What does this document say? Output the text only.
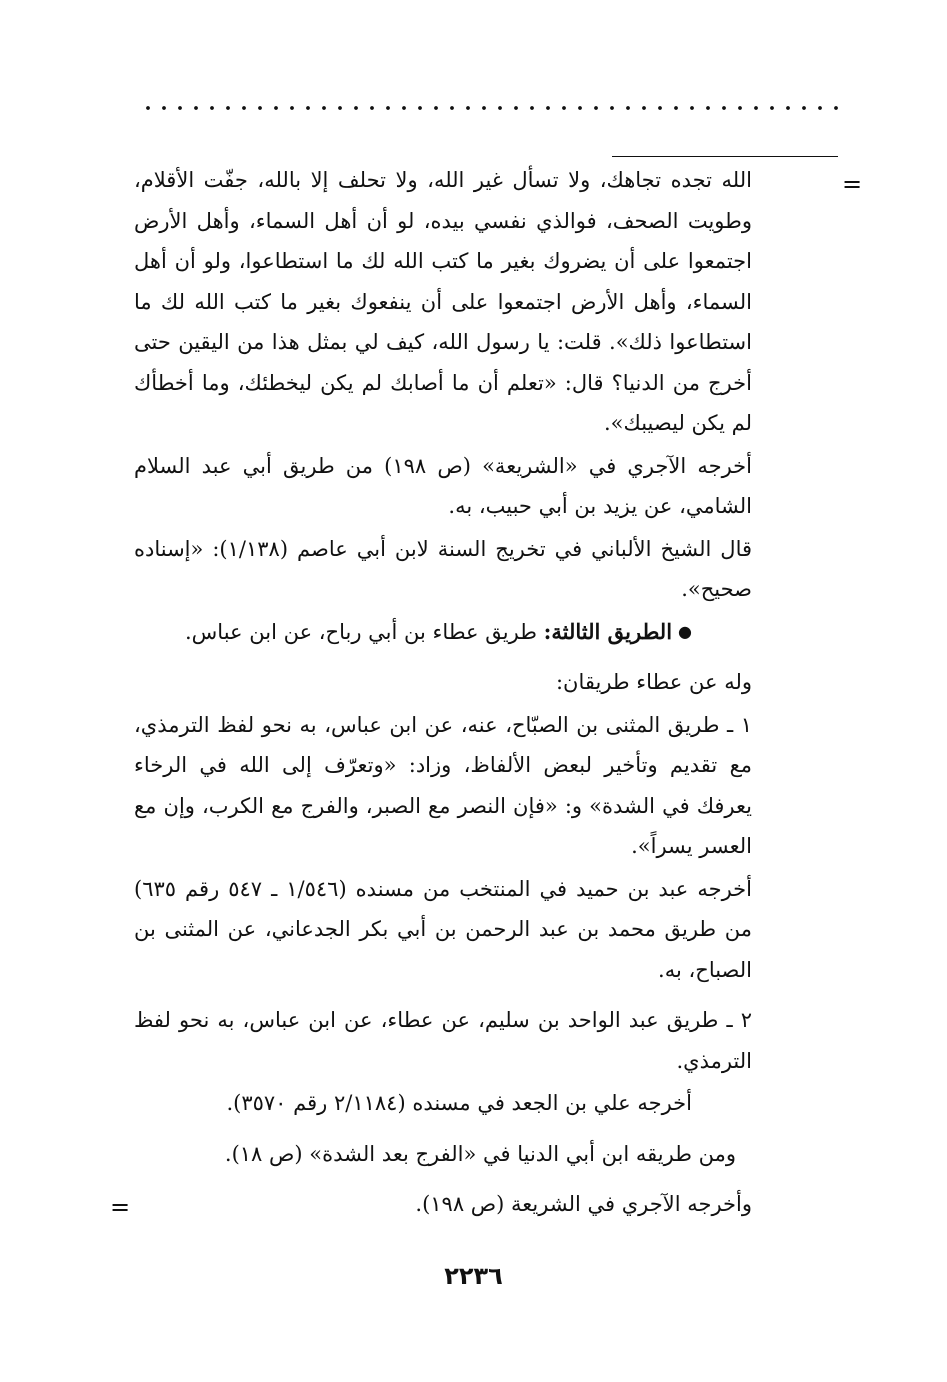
=
=

الله تجده تجاهك، ولا تسأل غير الله، ولا تحلف إلا بالله، جفّت الأقلام، وطويت الصحف، فوالذي نفسي بيده، لو أن أهل السماء، وأهل الأرض اجتمعوا على أن يضروك بغير ما كتب الله لك ما استطاعوا، ولو أن أهل السماء، وأهل الأرض اجتمعوا على أن ينفعوك بغير ما كتب الله لك ما استطاعوا ذلك». قلت: يا رسول الله، كيف لي بمثل هذا من اليقين حتى أخرج من الدنيا؟ قال: «تعلم أن ما أصابك لم يكن ليخطئك، وما أخطأك لم يكن ليصيبك».

أخرجه الآجري في «الشريعة» (ص ١٩٨) من طريق أبي عبد السلام الشامي، عن يزيد بن أبي حبيب، به.

قال الشيخ الألباني في تخريج السنة لابن أبي عاصم (١/١٣٨): «إسناده صحيح».

●الطريق الثالثة: طريق عطاء بن أبي رباح، عن ابن عباس.

وله عن عطاء طريقان:

١ ـ طريق المثنى بن الصبّاح، عنه، عن ابن عباس، به نحو لفظ الترمذي، مع تقديم وتأخير لبعض الألفاظ، وزاد: «وتعرّف إلى الله في الرخاء يعرفك في الشدة» و: «فإن النصر مع الصبر، والفرج مع الكرب، وإن مع العسر يسراً».

أخرجه عبد بن حميد في المنتخب من مسنده (١/٥٤٦ ـ ٥٤٧ رقم ٦٣٥) من طريق محمد بن عبد الرحمن بن أبي بكر الجدعاني، عن المثنى بن الصباح، به.

٢ ـ طريق عبد الواحد بن سليم، عن عطاء، عن ابن عباس، به نحو لفظ الترمذي.

أخرجه علي بن الجعد في مسنده (٢/١١٨٤ رقم ٣٥٧٠).

ومن طريقه ابن أبي الدنيا في «الفرج بعد الشدة» (ص ١٨).

وأخرجه الآجري في الشريعة (ص ١٩٨).

٢٢٣٦
